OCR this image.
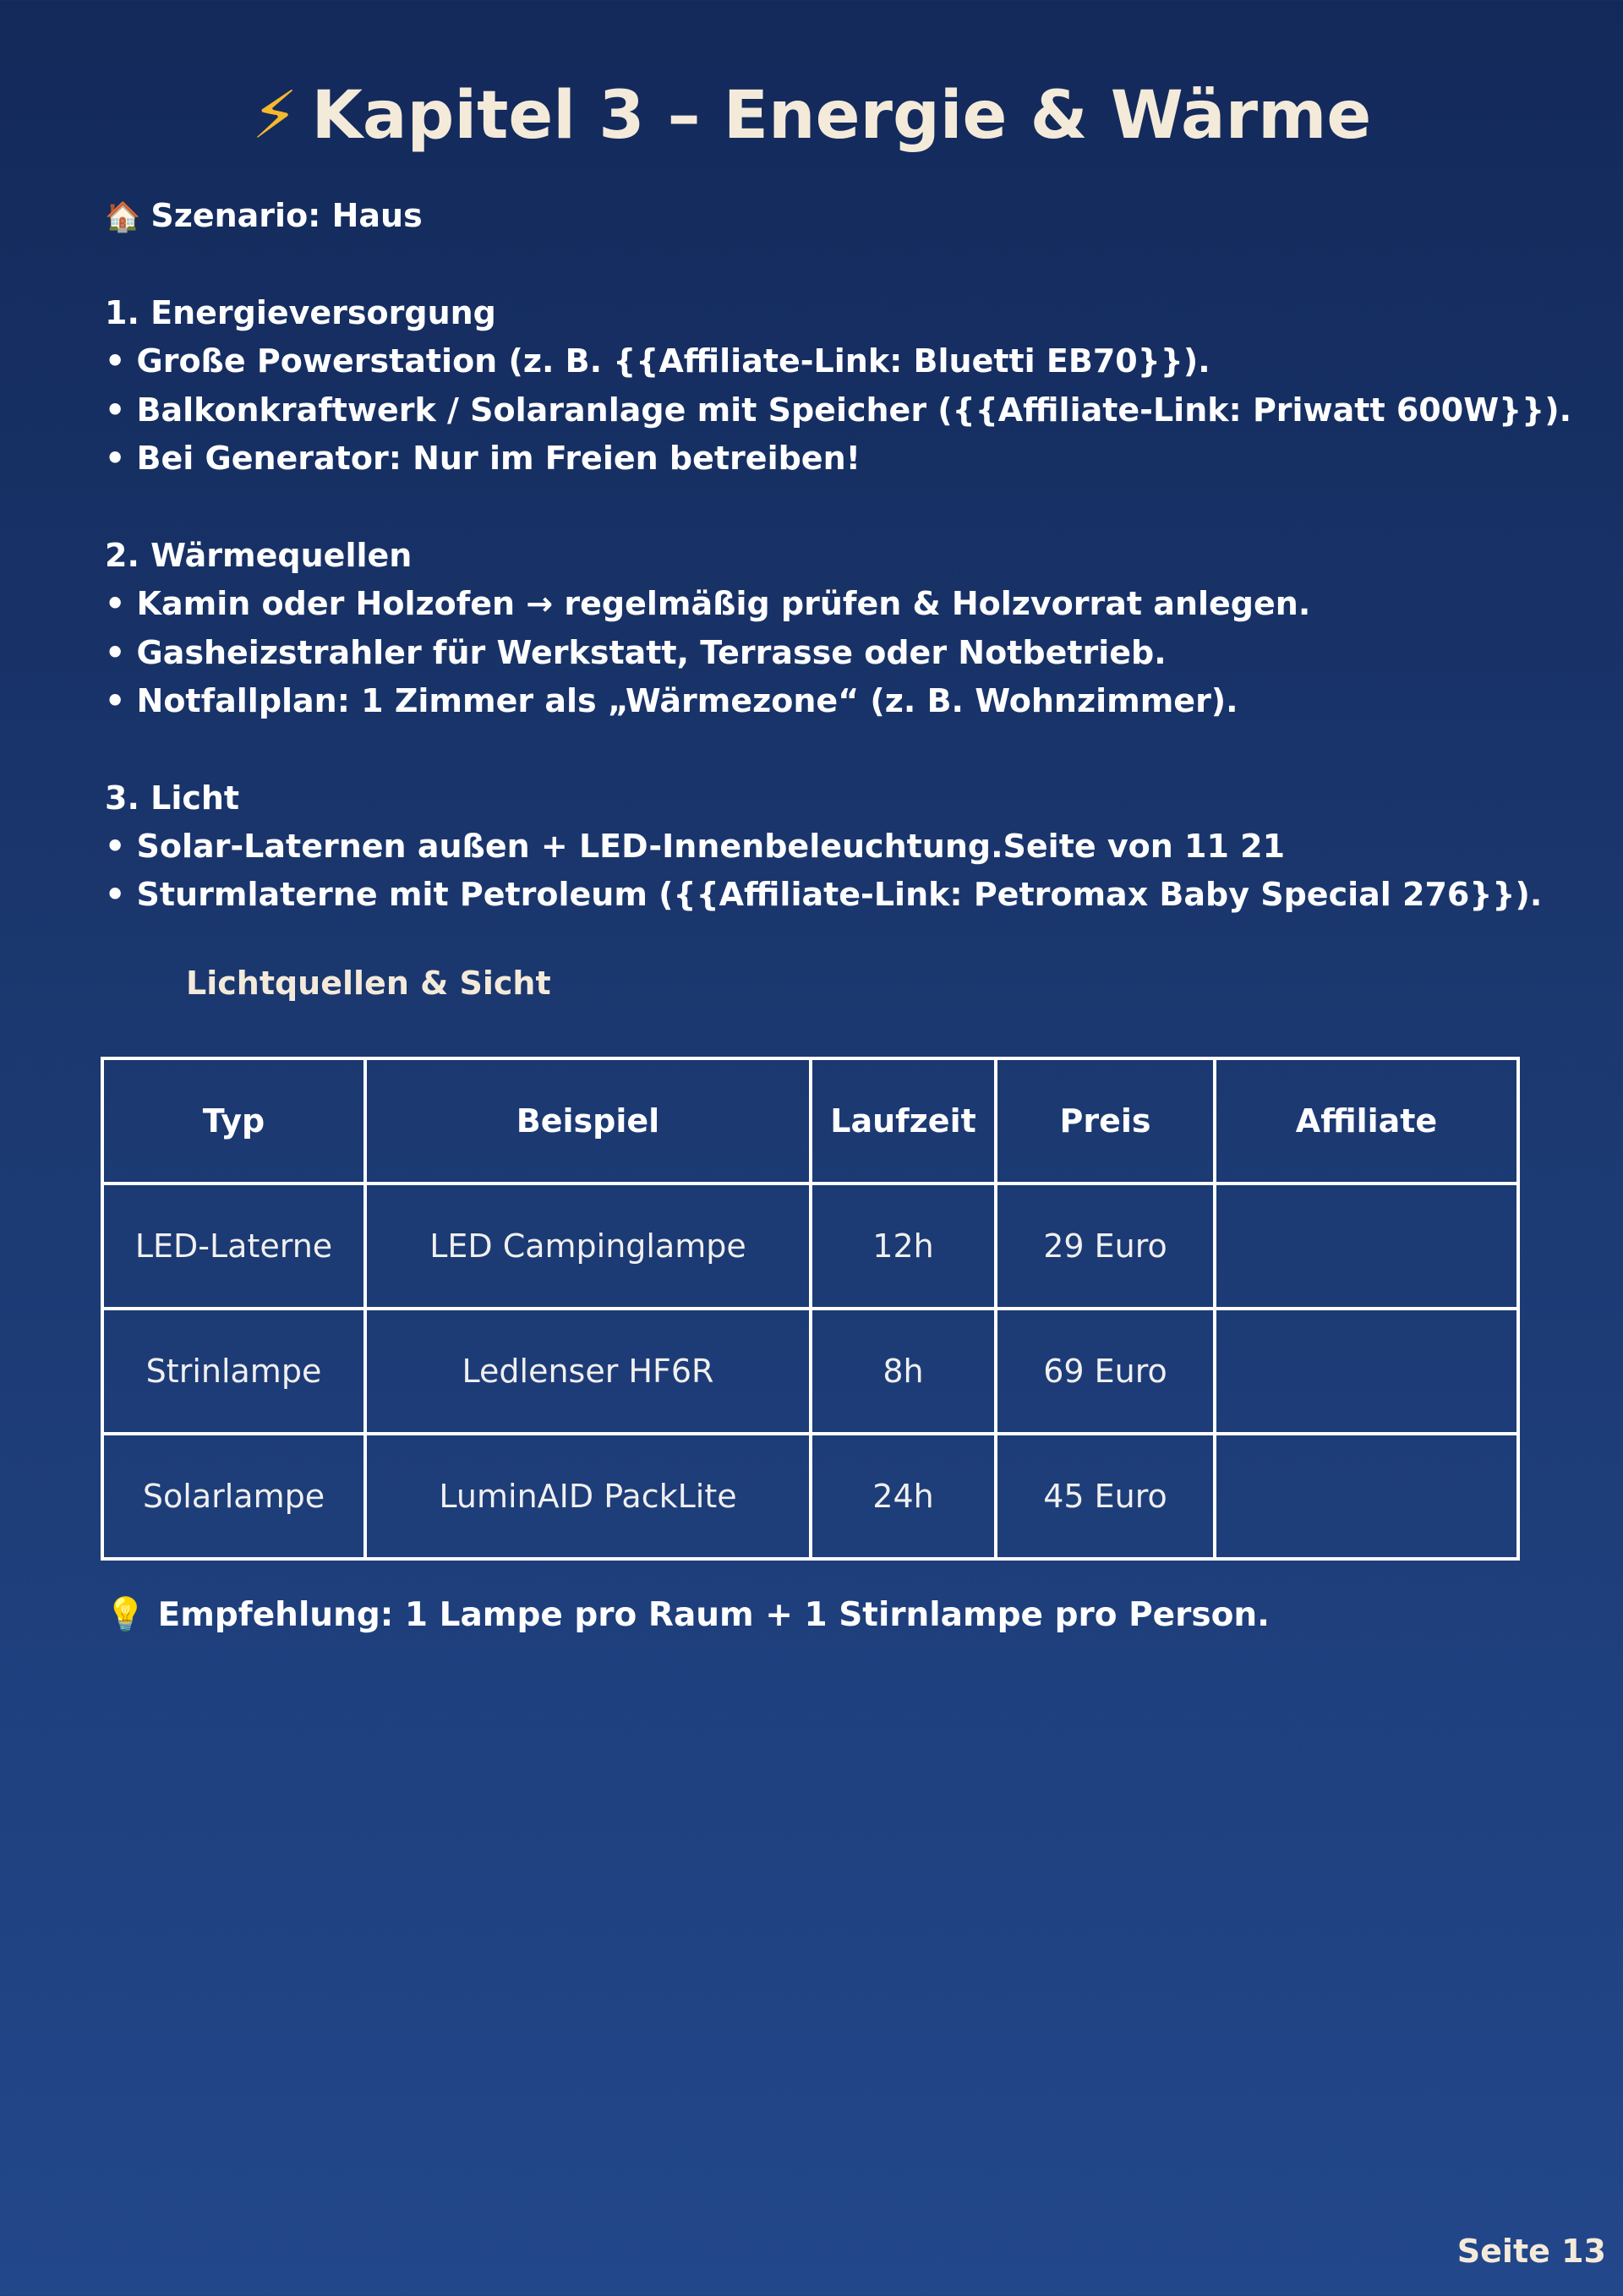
⚡ Kapitel 3 – Energie & Wärme
🏠 Szenario: Haus
1. Energieversorgung
• Große Powerstation (z. B. {{Affiliate-Link: Bluetti EB70}}).
• Balkonkraftwerk / Solaranlage mit Speicher ({{Affiliate-Link: Priwatt 600W}}).
• Bei Generator: Nur im Freien betreiben!
2. Wärmequellen
• Kamin oder Holzofen → regelmäßig prüfen & Holzvorrat anlegen.
• Gasheizstrahler für Werkstatt, Terrasse oder Notbetrieb.
• Notfallplan: 1 Zimmer als „Wärmezone“ (z. B. Wohnzimmer).
3. Licht
• Solar-Laternen außen + LED-Innenbeleuchtung.Seite von 11 21
• Sturmlaterne mit Petroleum ({{Affiliate-Link: Petromax Baby Special 276}}).
Lichtquellen & Sicht
Typ	Beispiel	Laufzeit	Preis	Affiliate
LED-Laterne	LED Campinglampe	12h	29 Euro	
Strinlampe	Ledlenser HF6R	8h	69 Euro	
Solarlampe	LuminAID PackLite	24h	45 Euro	
💡 Empfehlung: 1 Lampe pro Raum + 1 Stirnlampe pro Person.
Seite 13
